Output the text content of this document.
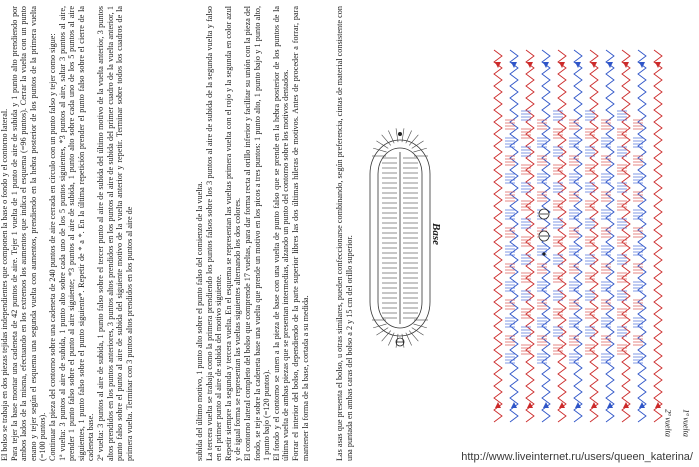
El bolso se trabaja en dos piezas tejidas independientes que componen la base o fondo y el contorno lateral. Para tejer la base montar una cadeneta de 42 puntos de aire. Tejer 1 vuelta de 1 punto de aire de subida y 1 punto alto prendiendo por ambos lados de la misma, efectuando en los extremos los aumentos que indica el esquema (=96 puntos). Cerrar la vuelta con un punto enano y tejer según el esquema una segunda vuelta con aumentos, prendiendo en la hebra posterior de los puntos de la primera vuelta (=100 puntos). Continuar la pieza del contorno sobre una cadeneta de 240 puntos de aire cerrada en círculo con un punto falso y tejer como sigue: 1ª vuelta: 3 puntos al aire de subida, 1 punto alto sobre cada uno de los 5 puntos siguientes, *3 puntos al aire, saltar 3 puntos al aire, prender 1 punto falso sobre el punto al aire siguiente; *3 puntos al aire de subida, 1 punto alto sobre cada uno de los 5 puntos al aire siguientes, 1 punto falso sobre el punto siguiente*. Repetir de * a *. En la última repetición prender el punto falso sobre el cierre de la cadeneta base. 2ª vuelta: 3 puntos al aire de subida, 1 punto falso sobre el tercer punto al aire de subida del último motivo de la vuelta anterior, 3 puntos altos prendidos en los puntos anteriores, 3 puntos altos prendidos en los puntos al aire de subida del primer cuadro de la vuelta anterior, 1 punto falso sobre el punto al aire de subida del siguiente motivo de la vuelta anterior y repetir. Terminar sobre todos los cuadros de la primera vuelta. Terminar con 3 puntos altos prendidos en los puntos al aire de	subida del último motivo, 1 punto alto sobre el punto falso del comienzo de la vuelta. La tercera vuelta se trabaja como la primera prendiendo los puntos falsos sobre los 3 puntos al aire de subida de la segunda vuelta y falso en el primer punto al aire de subida del motivo siguiente. Repetir siempre la segunda y tercera vuelta. En el esquema se representan las vueltas primera vuelta con el rojo y la segunda en color azul y de igual forma se representan las vueltas siguientes alternando los dos colores. El contorno lateral completo del bolso que comprende 17 vueltas, para dar forma recta al orillo inferior y facilitar su unión con la pieza del fondo, se teje sobre la cadeneta base una vuelta que prende un motivo en los picos a tres puntos: 1 punto alto, 1 punto bajo y 1 punto alto, 1 punto bajo (=120 puntos). El fondo y el contorno se unen a la pieza de base con una vuelta de punto falso que se prende en la hebra posterior de los puntos de la última vuelta de ambas piezas que se presentan intermedias, alzando un punto del contorno sobre los motivos dentados. Forrar el interior del bolso, dependiendo de la parte superior libres las dos últimas hileras de motivos. Antes de proceder a forrar, para mantener la forma de la base, cortada a su medida.	Las asas que presenta el bolso, u otras similares, pueden confeccionarse combinando, según preferencia, cintas de material consistente con una puntada en ambas caras del bolso a 2 y 15 cm del orillo superior.

Base
2ª vuelta 1ª vuelta
http://www.liveinternet.ru/users/queen_katerina/
